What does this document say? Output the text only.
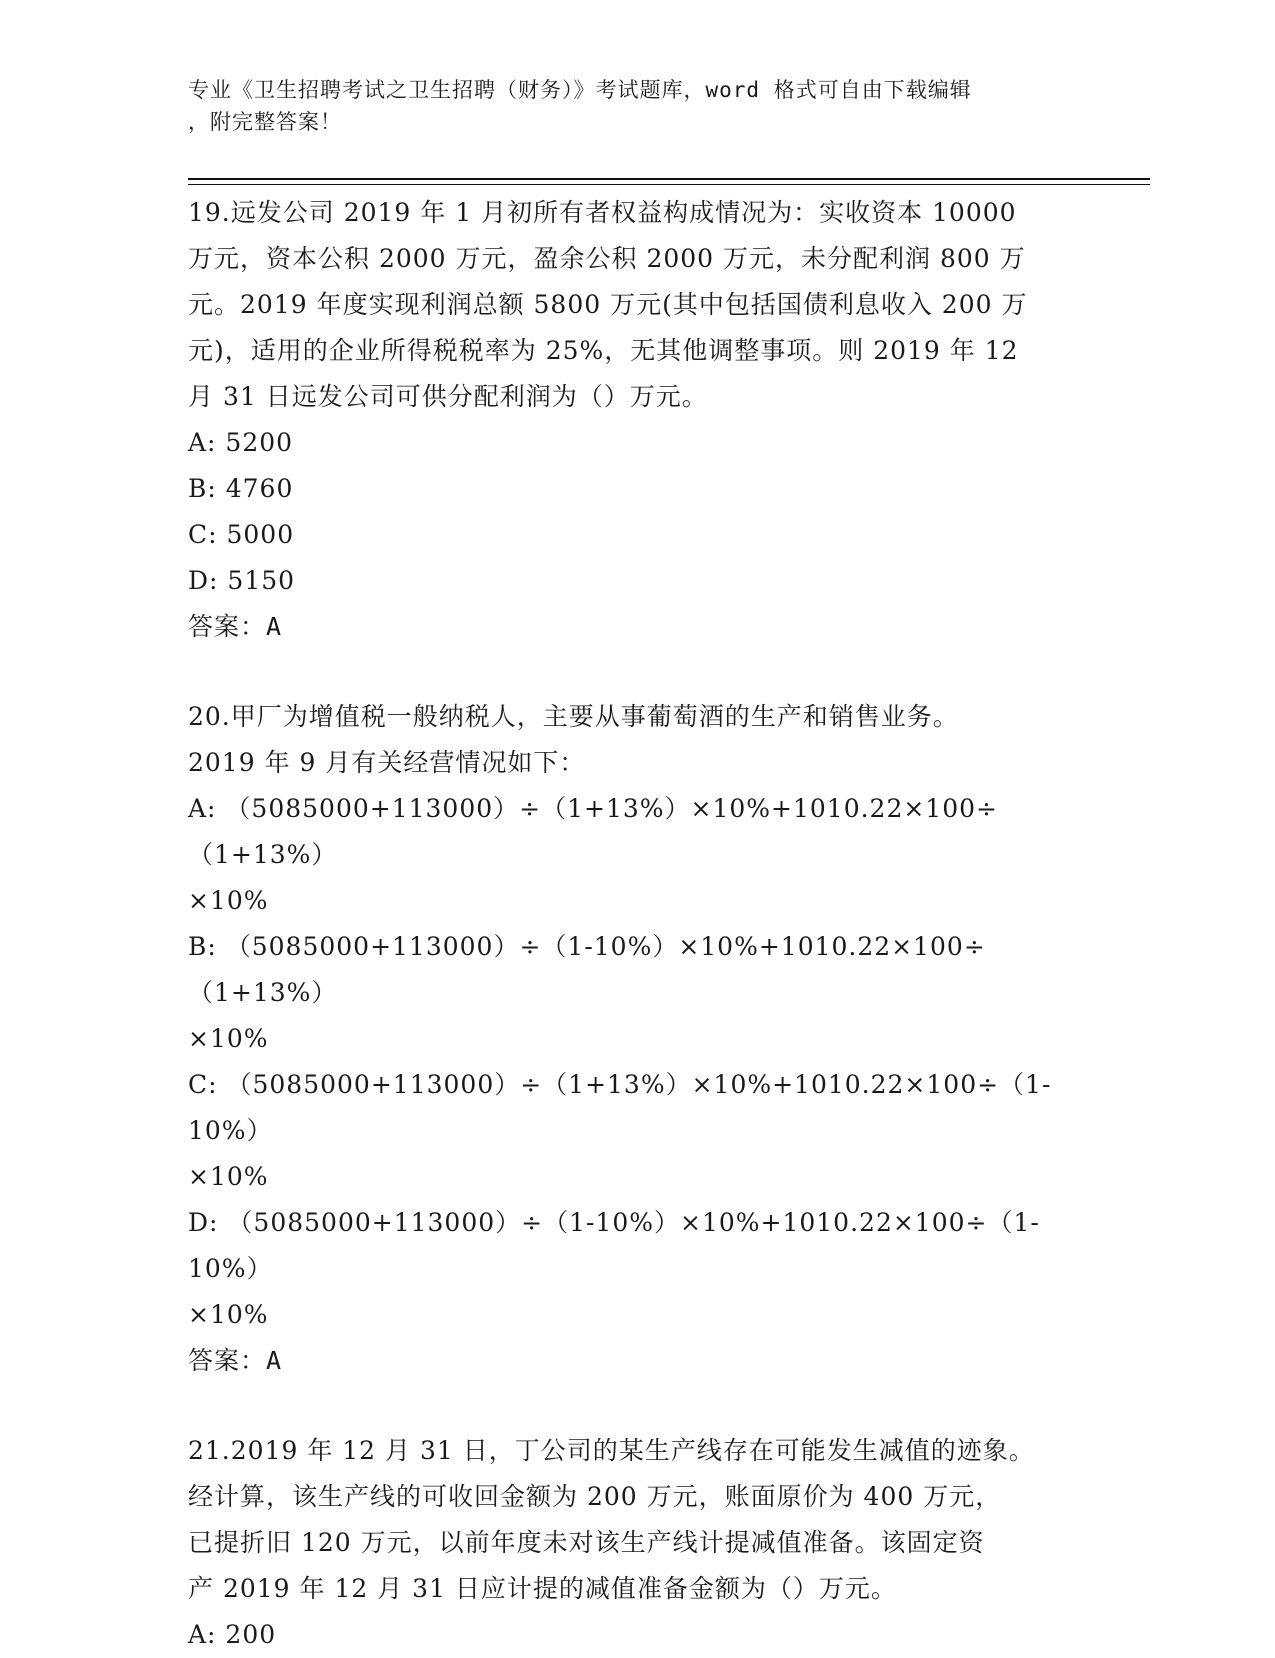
专业《卫生招聘考试之卫生招聘（财务）》考试题库，word 格式可自由下载编辑
，附完整答案！
19.远发公司 2019 年 1 月初所有者权益构成情况为：实收资本 10000
万元，资本公积 2000 万元，盈余公积 2000 万元，未分配利润 800 万
元。2019 年度实现利润总额 5800 万元(其中包括国债利息收入 200 万
元)，适用的企业所得税税率为 25%，无其他调整事项。则 2019 年 12
月 31 日远发公司可供分配利润为（）万元。
A: 5200
B: 4760
C: 5000
D: 5150
答案：A
20.甲厂为增值税一般纳税人，主要从事葡萄酒的生产和销售业务。
2019 年 9 月有关经营情况如下：
A: （5085000+113000）÷（1+13%）×10%+1010.22×100÷（1+13%）
×10%
B: （5085000+113000）÷（1-10%）×10%+1010.22×100÷（1+13%）
×10%
C: （5085000+113000）÷（1+13%）×10%+1010.22×100÷（1-10%）
×10%
D: （5085000+113000）÷（1-10%）×10%+1010.22×100÷（1-10%）
×10%
答案：A
21.2019 年 12 月 31 日，丁公司的某生产线存在可能发生减值的迹象。
经计算，该生产线的可收回金额为 200 万元，账面原价为 400 万元，
已提折旧 120 万元，以前年度未对该生产线计提减值准备。该固定资
产 2019 年 12 月 31 日应计提的减值准备金额为（）万元。
A: 200
